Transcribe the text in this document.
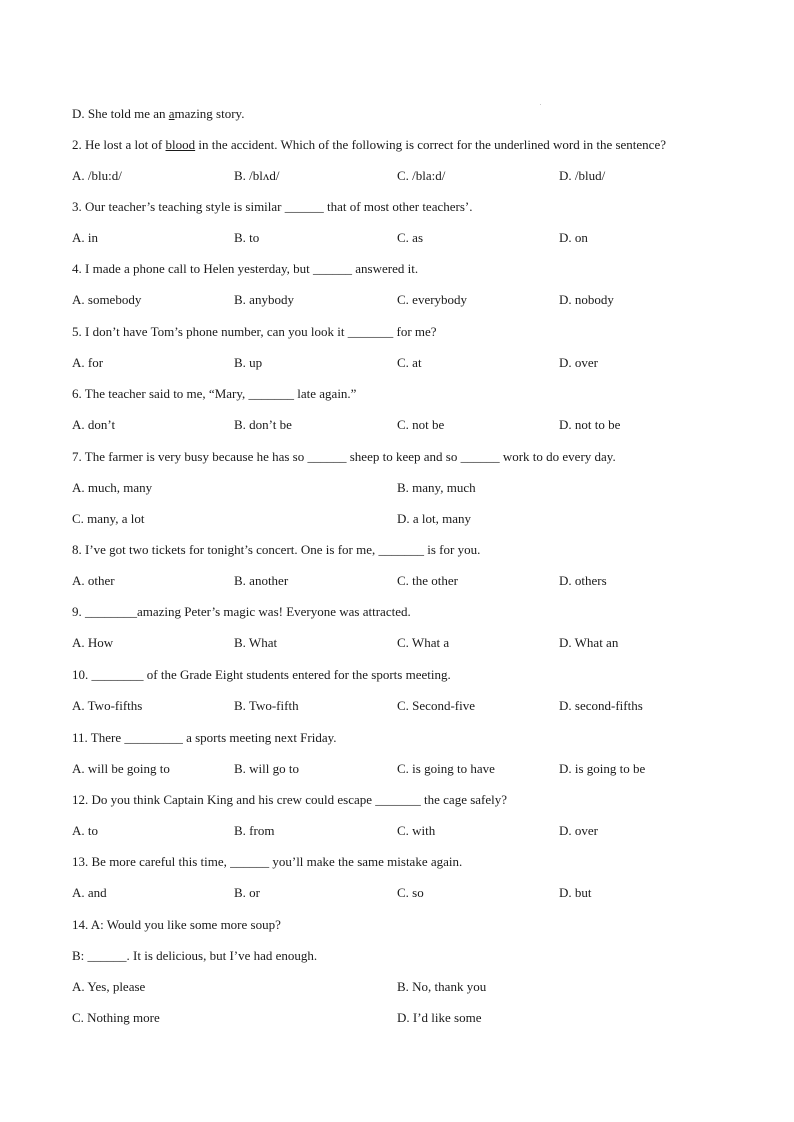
D. She told me an amazing story.
2. He lost a lot of blood in the accident. Which of the following is correct for the underlined word in the sentence?
A. /blu:d/	B. /blʌd/	C. /bla:d/	D. /blud/
3. Our teacher’s teaching style is similar ______ that of most other teachers’.
A. in	B. to	C. as	D. on
4. I made a phone call to Helen yesterday, but ______ answered it.
A. somebody	B. anybody	C. everybody	D. nobody
5. I don’t have Tom’s phone number, can you look it _______ for me?
A. for	B. up	C. at	D. over
6. The teacher said to me, “Mary, _______ late again.”
A. don’t	B. don’t be	C. not be	D. not to be
7. The farmer is very busy because he has so ______ sheep to keep and so ______ work to do every day.
A. much, many	B. many, much
C. many, a lot	D. a lot, many
8. I’ve got two tickets for tonight’s concert. One is for me, _______ is for you.
A. other	B. another	C. the other	D. others
9. ________amazing Peter’s magic was! Everyone was attracted.
A. How	B. What	C. What a	D. What an
10. ________ of the Grade Eight students entered for the sports meeting.
A. Two-fifths	B. Two-fifth	C. Second-five	D. second-fifths
11. There _________ a sports meeting next Friday.
A. will be going to	B. will go to	C. is going to have	D. is going to be
12. Do you think Captain King and his crew could escape _______ the cage safely?
A. to	B. from	C. with	D. over
13. Be more careful this time, ______ you’ll make the same mistake again.
A. and	B. or	C. so	D. but
14. A: Would you like some more soup?
B: ______. It is delicious, but I’ve had enough.
A. Yes, please	B. No, thank you
C. Nothing more	D. I’d like some
